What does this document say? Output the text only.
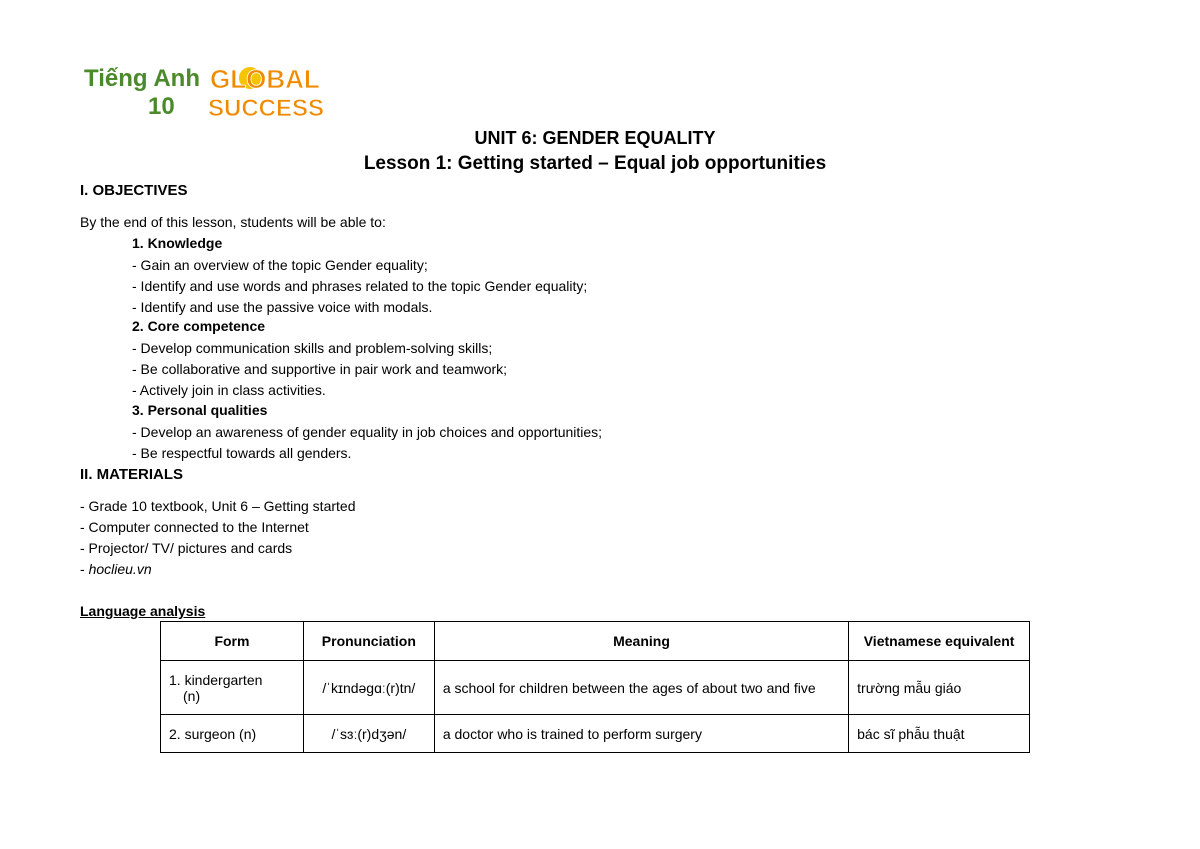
Tiếng Anh
10
GLOBAL
SUCCESS
UNIT 6: GENDER EQUALITY
Lesson 1: Getting started – Equal job opportunities
I. OBJECTIVES
By the end of this lesson, students will be able to:
1. Knowledge
- Gain an overview of the topic Gender equality;
- Identify and use words and phrases related to the topic Gender equality;
- Identify and use the passive voice with modals.
2. Core competence
- Develop communication skills and problem-solving skills;
- Be collaborative and supportive in pair work and teamwork;
- Actively join in class activities.
3. Personal qualities
- Develop an awareness of gender equality in job choices and opportunities;
- Be respectful towards all genders.
II. MATERIALS
- Grade 10 textbook, Unit 6 – Getting started
- Computer connected to the Internet
- Projector/ TV/ pictures and cards
- hoclieu.vn
Language analysis
Form	Pronunciation	Meaning	Vietnamese equivalent

1. kindergarten
(n)	/ˈkɪndəɡɑː(r)tn/	a school for children between the ages of about two and five	trường mẫu giáo
2. surgeon (n)	/ˈsɜː(r)dʒən/	a doctor who is trained to perform surgery	bác sĩ phẫu thuật
